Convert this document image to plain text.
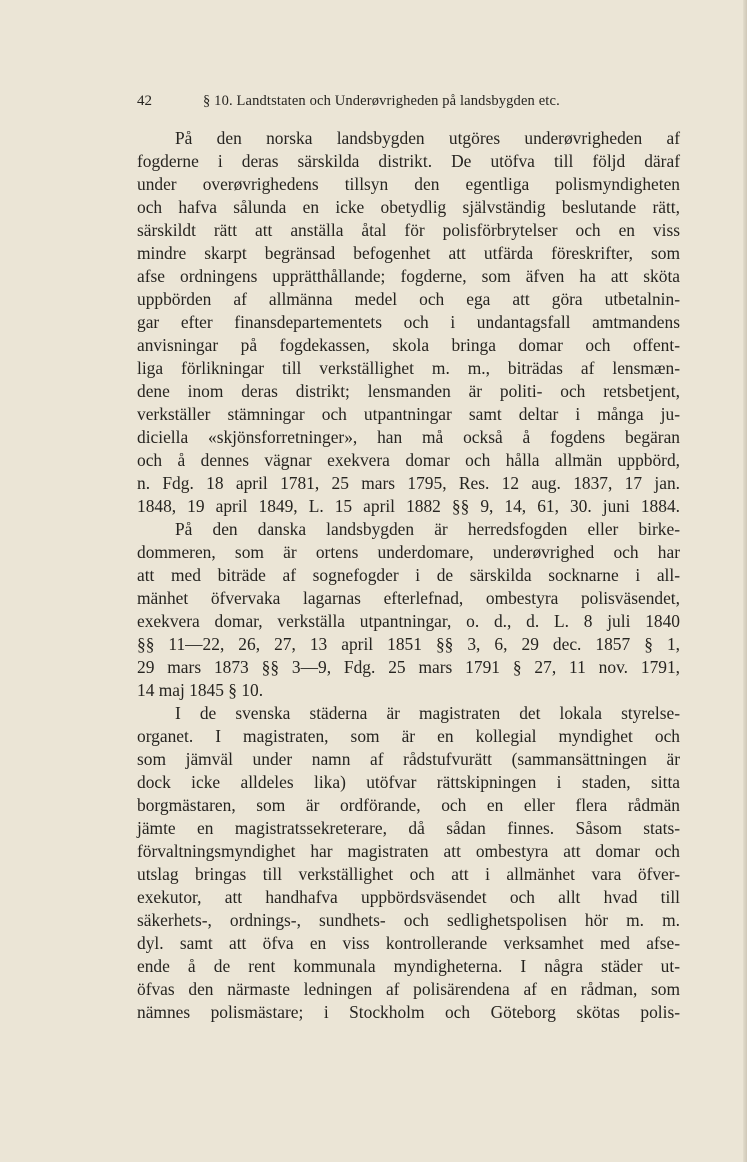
42	§ 10. Landtstaten och Underøvrigheden på landsbygden etc.
På den norska landsbygden utgöres underøvrigheden af
fogderne i deras särskilda distrikt. De utöfva till följd däraf
under overøvrighedens tillsyn den egentliga polismyndigheten
och hafva sålunda en icke obetydlig självständig beslutande rätt,
särskildt rätt att anställa åtal för polisförbrytelser och en viss
mindre skarpt begränsad befogenhet att utfärda föreskrifter, som
afse ordningens upprätthållande; fogderne, som äfven ha att sköta
uppbörden af allmänna medel och ega att göra utbetalnin-
gar efter finansdepartementets och i undantagsfall amtmandens
anvisningar på fogdekassen, skola bringa domar och offent-
liga förlikningar till verkställighet m. m., biträdas af lensmæn-
dene inom deras distrikt; lensmanden är politi- och retsbetjent,
verkställer stämningar och utpantningar samt deltar i många ju-
diciella «skjönsforretninger», han må också å fogdens begäran
och å dennes vägnar exekvera domar och hålla allmän uppbörd,
n. Fdg. 18 april 1781, 25 mars 1795, Res. 12 aug. 1837, 17 jan.
1848, 19 april 1849, L. 15 april 1882 §§ 9, 14, 61, 30. juni 1884.
På den danska landsbygden är herredsfogden eller birke-
dommeren, som är ortens underdomare, underøvrighed och har
att med biträde af sognefogder i de särskilda socknarne i all-
mänhet öfvervaka lagarnas efterlefnad, ombestyra polisväsendet,
exekvera domar, verkställa utpantningar, o. d., d. L. 8 juli 1840
§§ 11—22, 26, 27, 13 april 1851 §§ 3, 6, 29 dec. 1857 § 1,
29 mars 1873 §§ 3—9, Fdg. 25 mars 1791 § 27, 11 nov. 1791,
14 maj 1845 § 10.
I de svenska städerna är magistraten det lokala styrelse-
organet. I magistraten, som är en kollegial myndighet och
som jämväl under namn af rådstufvurätt (sammansättningen är
dock icke alldeles lika) utöfvar rättskipningen i staden, sitta
borgmästaren, som är ordförande, och en eller flera rådmän
jämte en magistratssekreterare, då sådan finnes. Såsom stats-
förvaltningsmyndighet har magistraten att ombestyra att domar och
utslag bringas till verkställighet och att i allmänhet vara öfver-
exekutor, att handhafva uppbördsväsendet och allt hvad till
säkerhets-, ordnings-, sundhets- och sedlighetspolisen hör m. m.
dyl. samt att öfva en viss kontrollerande verksamhet med afse-
ende å de rent kommunala myndigheterna. I några städer ut-
öfvas den närmaste ledningen af polisärendena af en rådman, som
nämnes polismästare; i Stockholm och Göteborg skötas polis-
